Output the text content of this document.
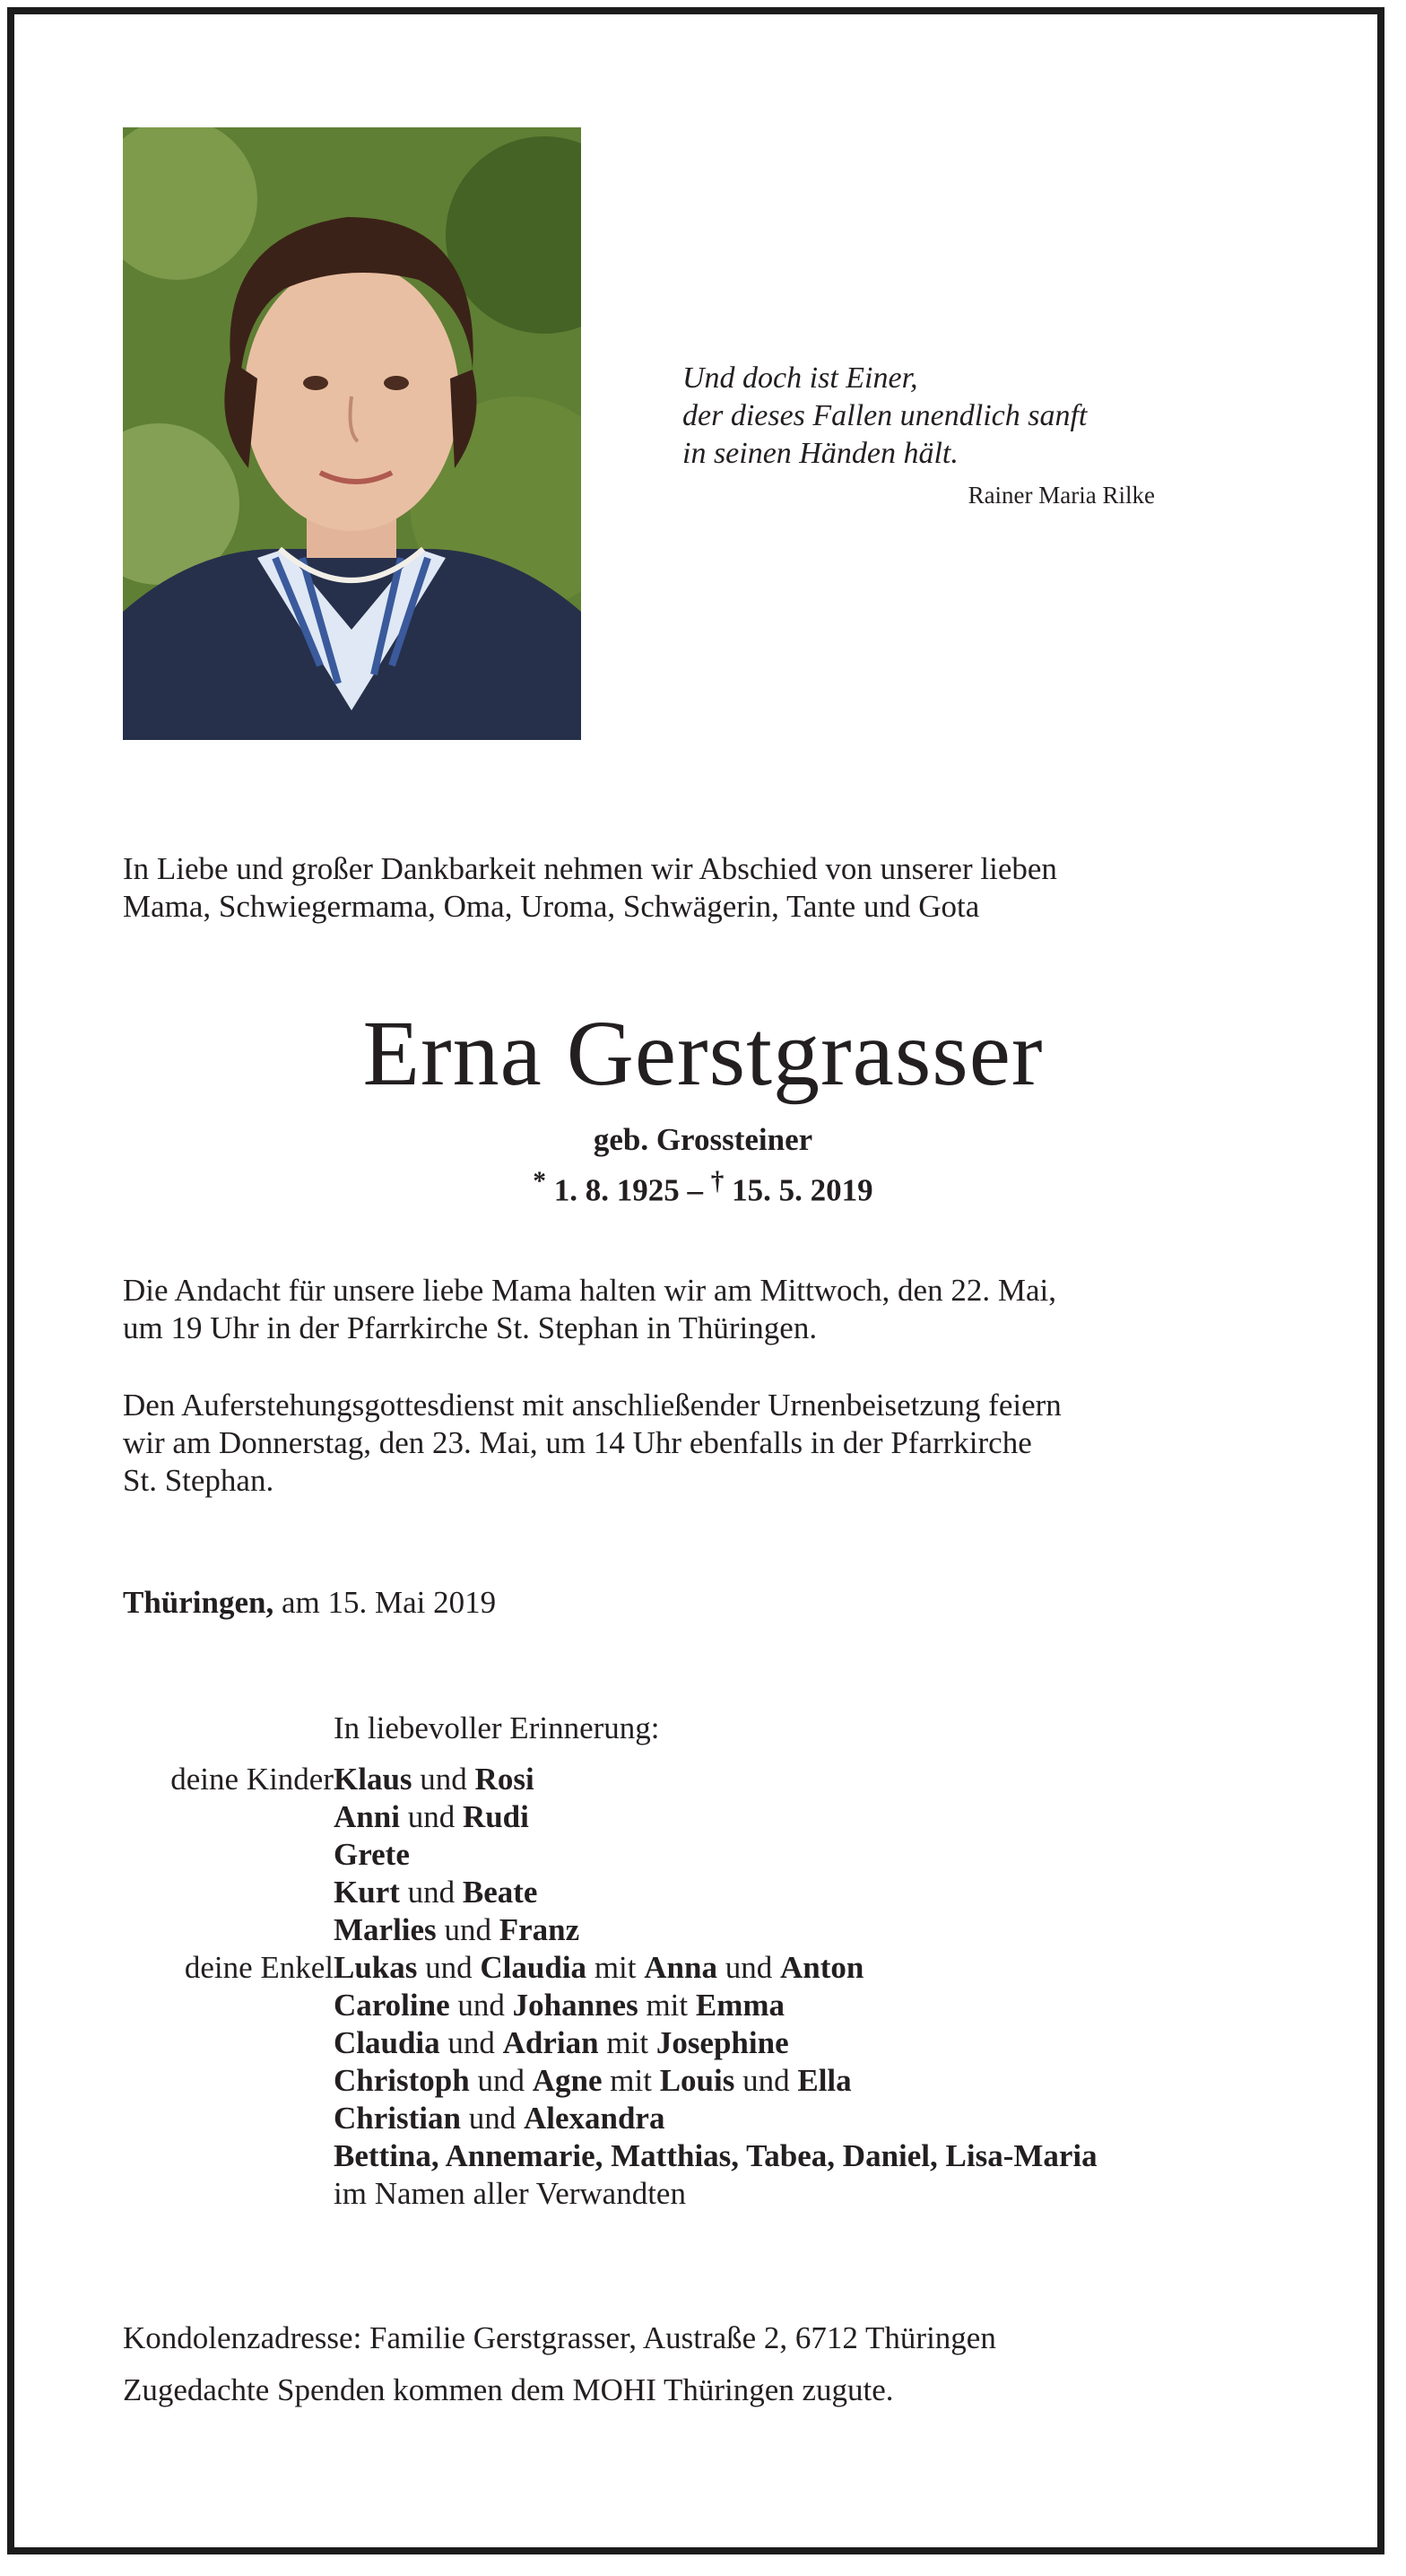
Und doch ist Einer,
der dieses Fallen unendlich sanft
in seinen Händen hält.
Rainer Maria Rilke
In Liebe und großer Dankbarkeit nehmen wir Abschied von unserer lieben
Mama, Schwiegermama, Oma, Uroma, Schwägerin, Tante und Gota
Erna Gerstgrasser
geb. Grossteiner
* 1. 8. 1925 – † 15. 5. 2019
Die Andacht für unsere liebe Mama halten wir am Mittwoch, den 22. Mai,
um 19 Uhr in der Pfarrkirche St. Stephan in Thüringen.
Den Auferstehungsgottesdienst mit anschließender Urnenbeisetzung feiern
wir am Donnerstag, den 23. Mai, um 14 Uhr ebenfalls in der Pfarrkirche
St. Stephan.
Thüringen, am 15. Mai 2019
In liebevoller Erinnerung:
deine Kinder Klaus und Rosi
Anni und Rudi
Grete
Kurt und Beate
Marlies und Franz
deine Enkel Lukas und Claudia mit Anna und Anton
Caroline und Johannes mit Emma
Claudia und Adrian mit Josephine
Christoph und Agne mit Louis und Ella
Christian und Alexandra
Bettina, Annemarie, Matthias, Tabea, Daniel, Lisa-Maria
im Namen aller Verwandten
Kondolenzadresse: Familie Gerstgrasser, Austraße 2, 6712 Thüringen
Zugedachte Spenden kommen dem MOHI Thüringen zugute.
